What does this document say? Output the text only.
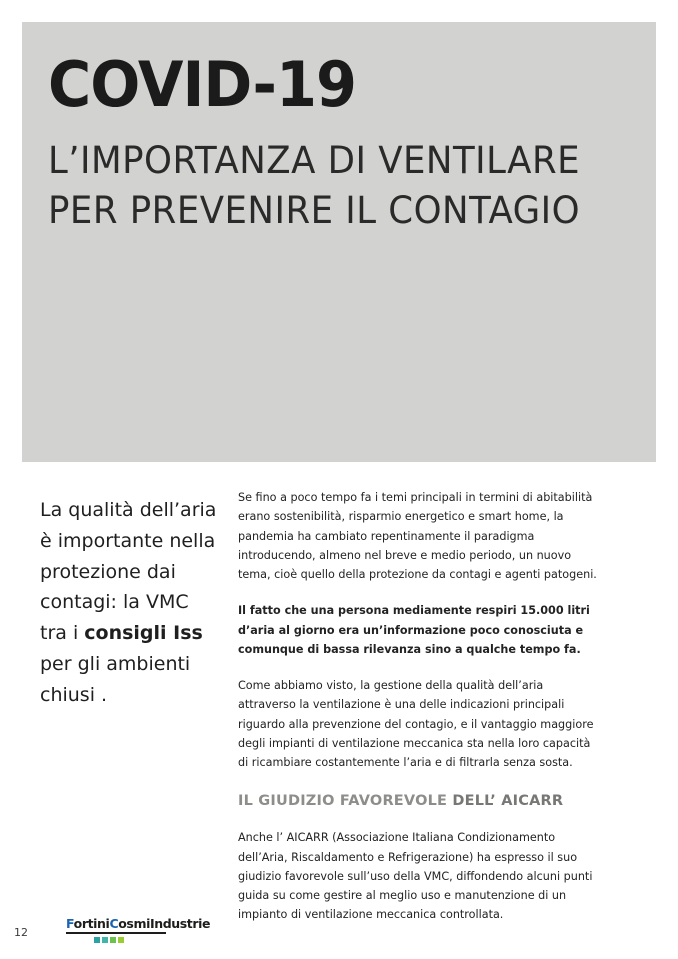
COVID-19
L’IMPORTANZA DI VENTILARE
PER PREVENIRE IL CONTAGIO
La qualità dell’aria è importante nella protezione dai contagi: la VMC tra i consigli Iss per gli ambienti chiusi .

Se fino a poco tempo fa i temi principali in termini di abitabilità erano sostenibilità, risparmio energetico e smart home, la pandemia ha cambiato repentinamente il paradigma introducendo, almeno nel breve e medio periodo, un nuovo tema, cioè quello della protezione da contagi e agenti patogeni.

Il fatto che una persona mediamente respiri 15.000 litri d’aria al giorno era un’informazione poco conosciuta e comunque di bassa rilevanza sino a qualche tempo fa.

Come abbiamo visto, la gestione della qualità dell’aria attraverso la ventilazione è una delle indicazioni principali riguardo alla prevenzione del contagio, e il vantaggio maggiore degli impianti di ventilazione meccanica sta nella loro capacità di ricambiare costantemente l’aria e di filtrarla senza sosta.

IL GIUDIZIO FAVOREVOLE DELL’ AICARR

Anche l’ AICARR (Associazione Italiana Condizionamento dell’Aria, Riscaldamento e Refrigerazione) ha espresso il suo giudizio favorevole sull’uso della VMC, diffondendo alcuni punti guida su come gestire al meglio uso e manutenzione di un impianto di ventilazione meccanica controllata.

12
FortiniCosmiIndustrie
